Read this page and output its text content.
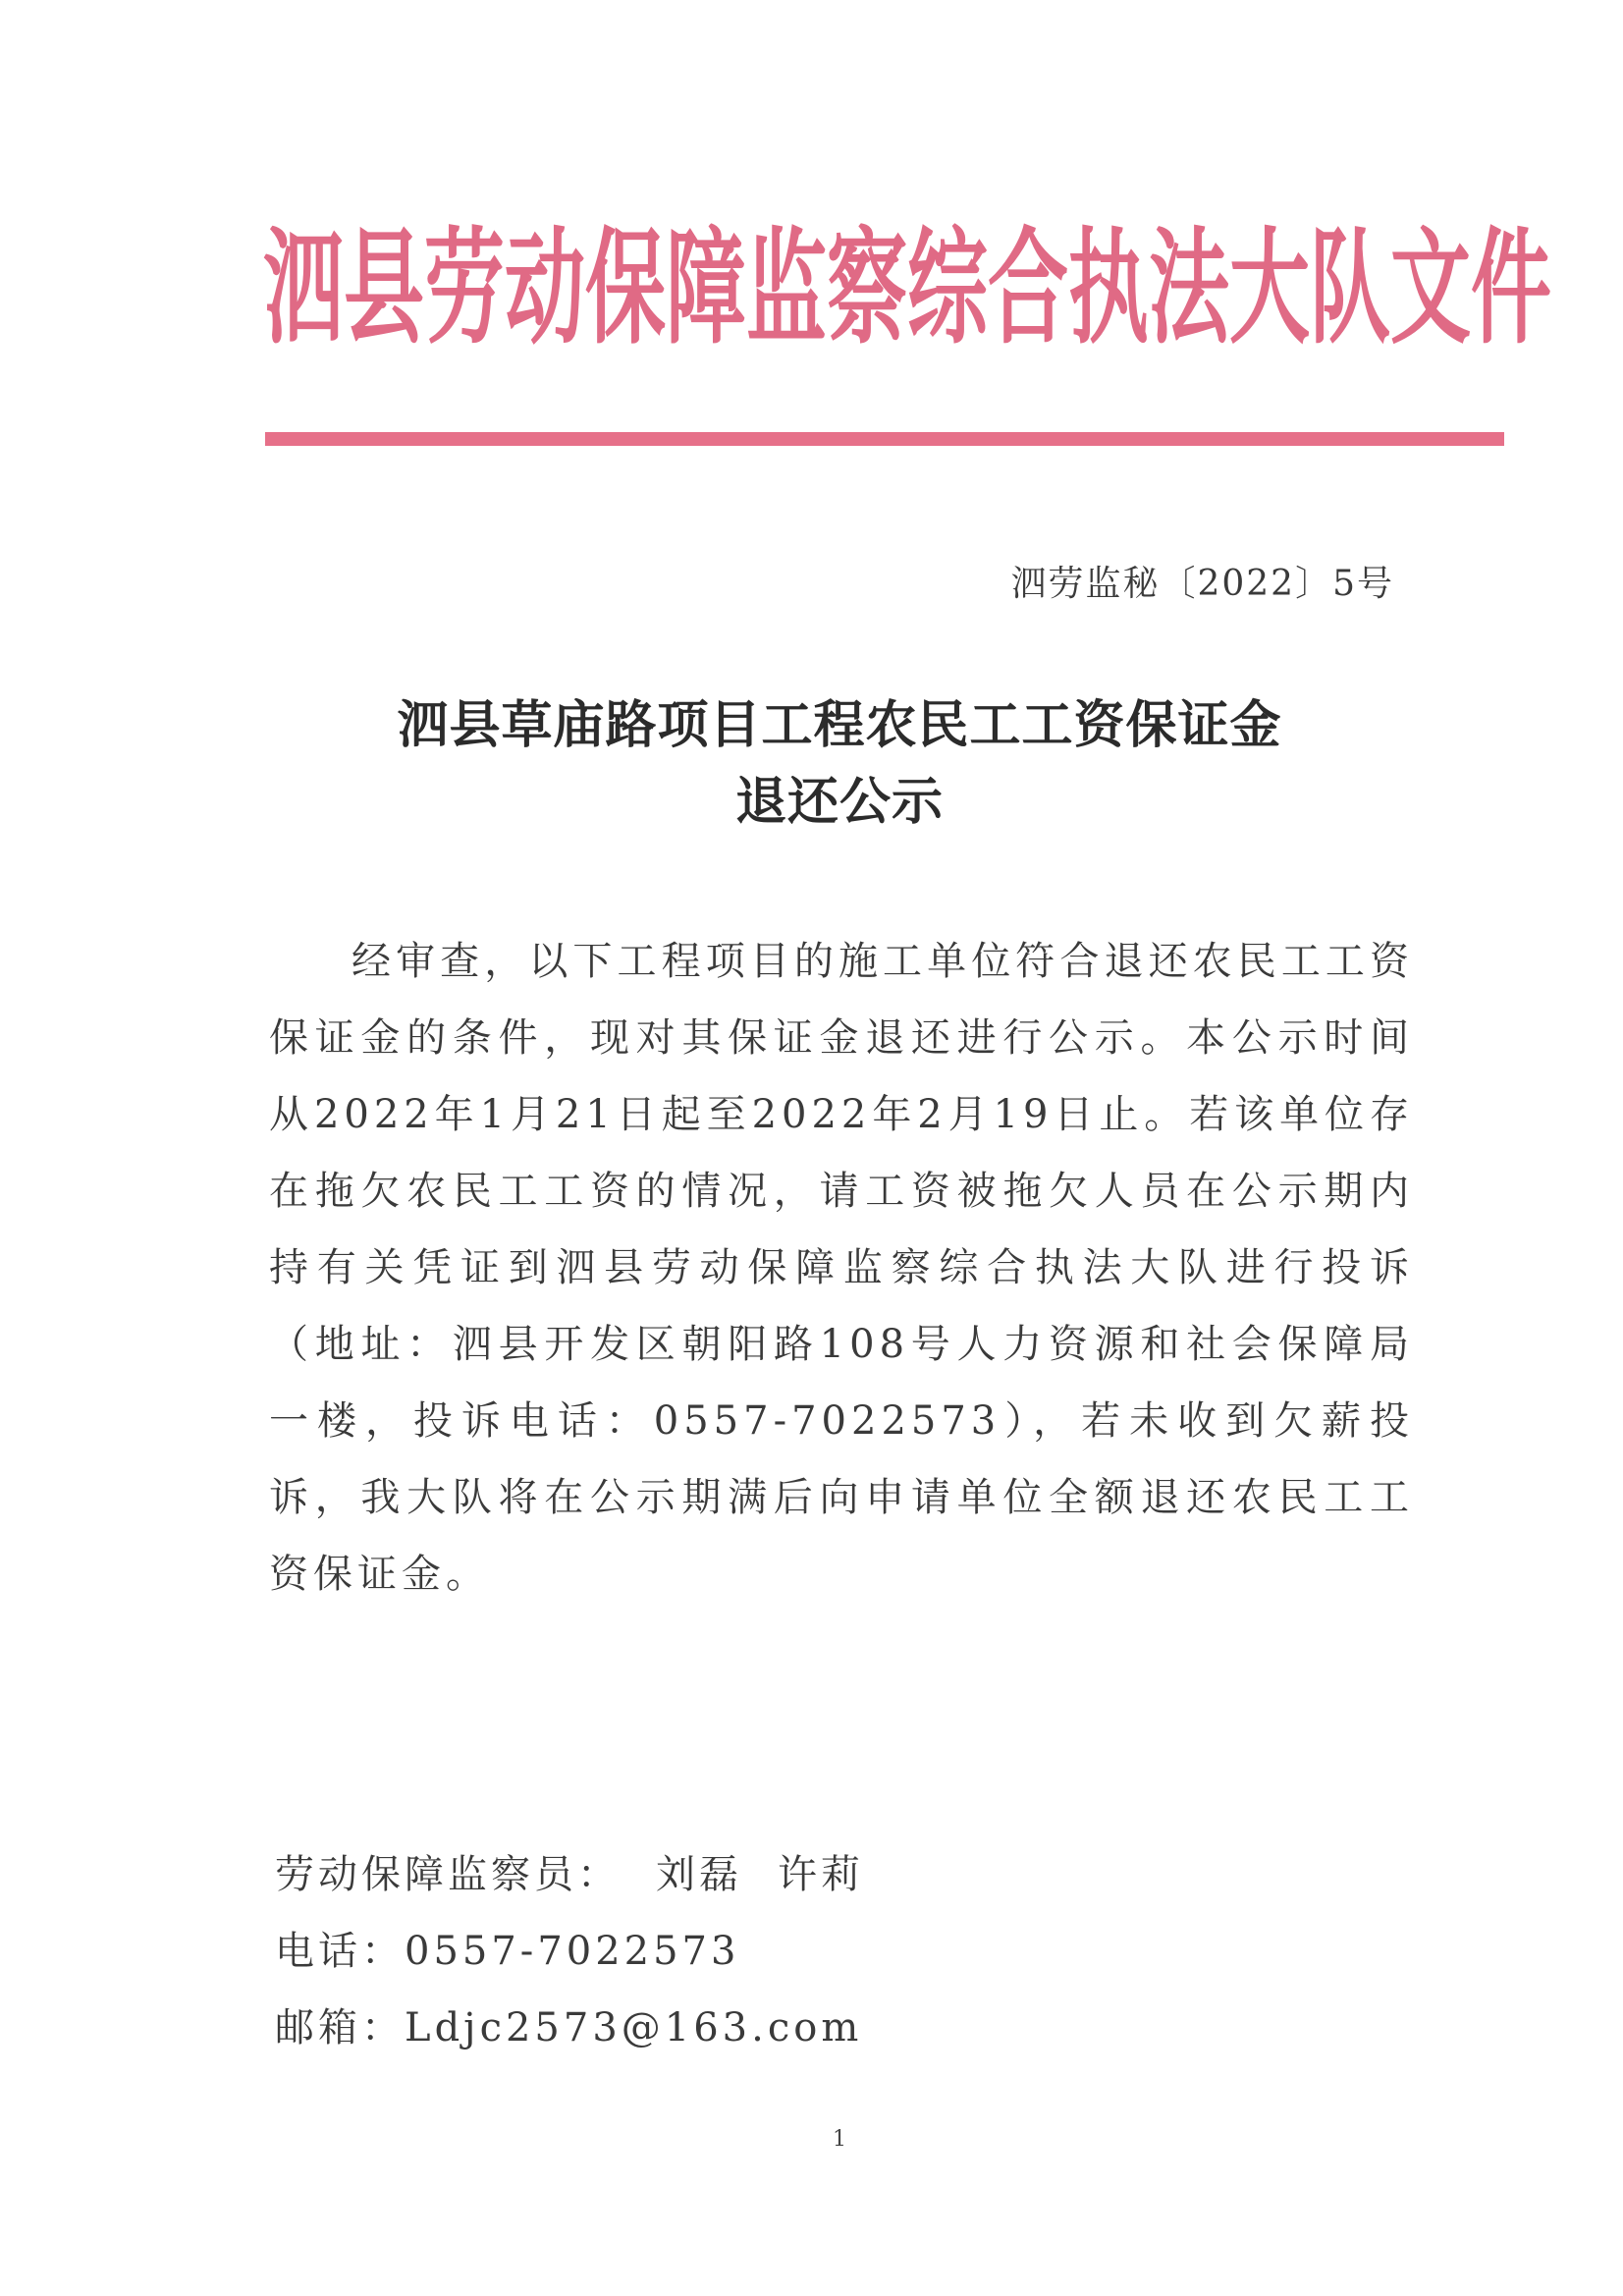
泗县劳动保障监察综合执法大队文件
泗劳监秘〔2022〕5号
泗县草庙路项目工程农民工工资保证金
退还公示
经审查，以下工程项目的施工单位符合退还农民工工资保证金的条件，现对其保证金退还进行公示。本公示时间从2022年1月21日起至2022年2月19日止。若该单位存在拖欠农民工工资的情况，请工资被拖欠人员在公示期内持有关凭证到泗县劳动保障监察综合执法大队进行投诉（地址：泗县开发区朝阳路108号人力资源和社会保障局一楼，投诉电话：0557-7022573），若未收到欠薪投诉，我大队将在公示期满后向申请单位全额退还农民工工资保证金。
劳动保障监察员： 刘磊 许莉
电话：0557-7022573
邮箱：Ldjc2573@163.com
1
